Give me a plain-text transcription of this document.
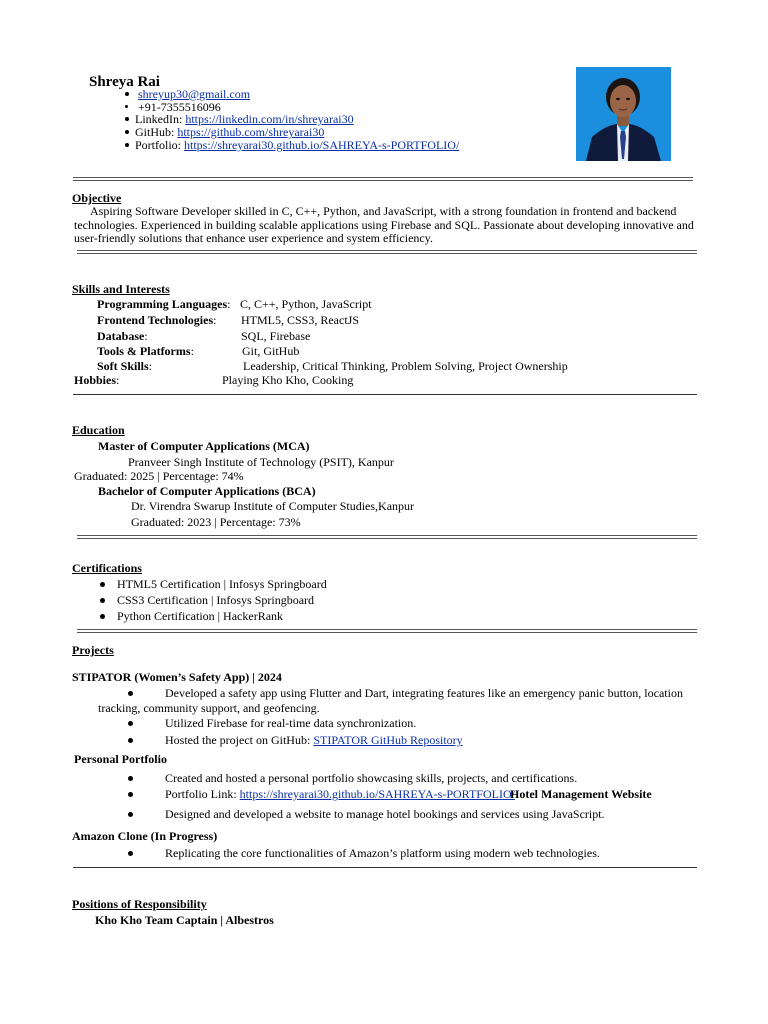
Shreya Rai
shreyup30@gmail.com
+91-7355516096
LinkedIn: https://linkedin.com/in/shreyarai30
GitHub: https://github.com/shreyarai30
Portfolio: https://shreyarai30.github.io/SAHREYA-s-PORTFOLIO/
Objective
Aspiring Software Developer skilled in C, C++, Python, and JavaScript, with a strong foundation in frontend and backend
technologies. Experienced in building scalable applications using Firebase and SQL. Passionate about developing innovative and
user-friendly solutions that enhance user experience and system efficiency.
Skills and Interests
Programming Languages: C, C++, Python, JavaScript
Frontend Technologies: HTML5, CSS3, ReactJS
Database:	SQL, Firebase
Tools & Platforms:	Git, GitHub
Soft Skills:	Leadership, Critical Thinking, Problem Solving, Project Ownership
Hobbies:	Playing Kho Kho, Cooking
Education
Master of Computer Applications (MCA)
Pranveer Singh Institute of Technology (PSIT), Kanpur
Graduated: 2025 | Percentage: 74%
Bachelor of Computer Applications (BCA)
Dr. Virendra Swarup Institute of Computer Studies,Kanpur
Graduated: 2023 | Percentage: 73%
Certifications
HTML5 Certification | Infosys Springboard
CSS3 Certification | Infosys Springboard
Python Certification | HackerRank
Projects
STIPATOR (Women’s Safety App) | 2024
Developed a safety app using Flutter and Dart, integrating features like an emergency panic button, location
tracking, community support, and geofencing.
Utilized Firebase for real-time data synchronization.
Hosted the project on GitHub: STIPATOR GitHub Repository
Personal Portfolio
Created and hosted a personal portfolio showcasing skills, projects, and certifications.
Portfolio Link: https://shreyarai30.github.io/SAHREYA-s-PORTFOLIO/
Hotel Management Website
Designed and developed a website to manage hotel bookings and services using JavaScript.
Amazon Clone (In Progress)
Replicating the core functionalities of Amazon’s platform using modern web technologies.
Positions of Responsibility
Kho Kho Team Captain | Albestros
